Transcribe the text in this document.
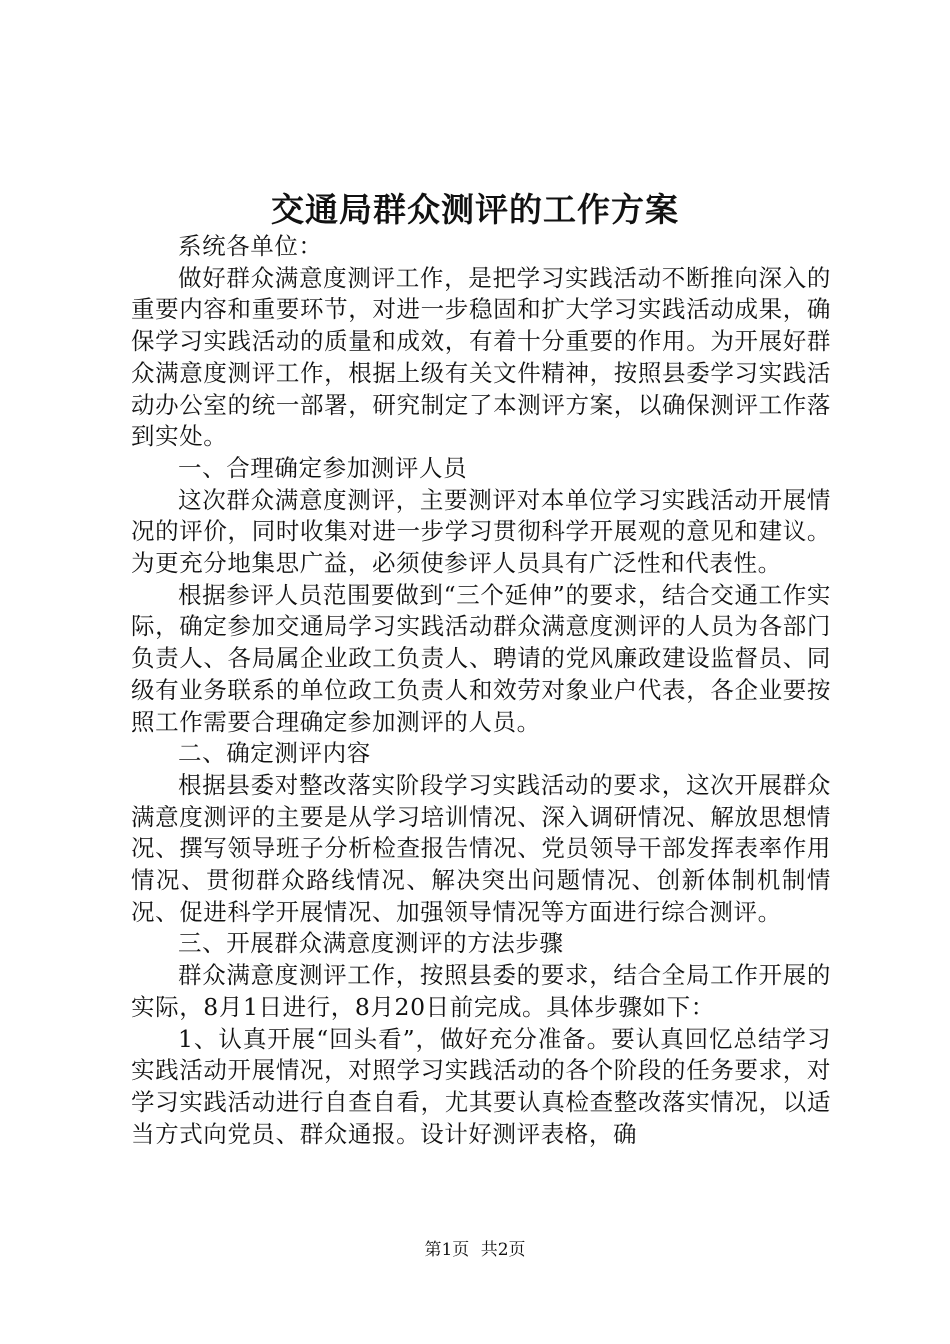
交通局群众测评的工作方案

系统各单位：

做好群众满意度测评工作，是把学习实践活动不断推向深入的重要内容和重要环节，对进一步稳固和扩大学习实践活动成果，确保学习实践活动的质量和成效，有着十分重要的作用。为开展好群众满意度测评工作，根据上级有关文件精神，按照县委学习实践活动办公室的统一部署，研究制定了本测评方案，以确保测评工作落到实处。

一、合理确定参加测评人员

这次群众满意度测评，主要测评对本单位学习实践活动开展情况的评价，同时收集对进一步学习贯彻科学开展观的意见和建议。为更充分地集思广益，必须使参评人员具有广泛性和代表性。

根据参评人员范围要做到“三个延伸”的要求，结合交通工作实际，确定参加交通局学习实践活动群众满意度测评的人员为各部门负责人、各局属企业政工负责人、聘请的党风廉政建设监督员、同级有业务联系的单位政工负责人和效劳对象业户代表，各企业要按照工作需要合理确定参加测评的人员。

二、确定测评内容

根据县委对整改落实阶段学习实践活动的要求，这次开展群众满意度测评的主要是从学习培训情况、深入调研情况、解放思想情况、撰写领导班子分析检查报告情况、党员领导干部发挥表率作用情况、贯彻群众路线情况、解决突出问题情况、创新体制机制情况、促进科学开展情况、加强领导情况等方面进行综合测评。

三、开展群众满意度测评的方法步骤

群众满意度测评工作，按照县委的要求，结合全局工作开展的实际，8月1日进行，8月20日前完成。具体步骤如下：

1、认真开展“回头看”，做好充分准备。要认真回忆总结学习实践活动开展情况，对照学习实践活动的各个阶段的任务要求，对学习实践活动进行自查自看，尤其要认真检查整改落实情况，以适当方式向党员、群众通报。设计好测评表格，确

第1页 共2页
